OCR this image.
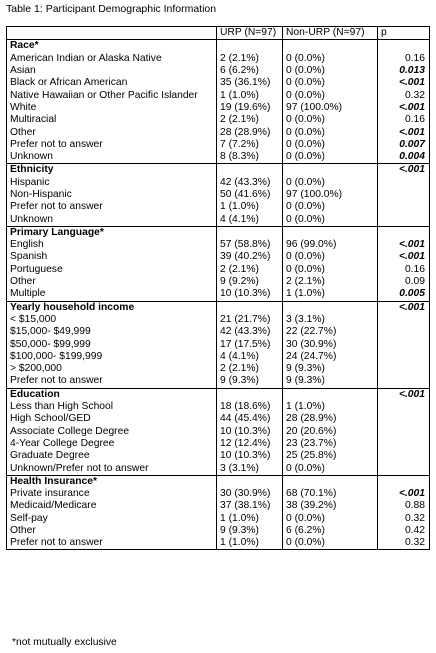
Table 1: Participant Demographic Information
	URP (N=97)	Non-URP (N=97)	p
Race*			
American Indian or Alaska Native	2 (2.1%)	0 (0.0%)	0.16
Asian	6 (6.2%)	0 (0.0%)	0.013
Black or African American	35 (36.1%)	0 (0.0%)	<.001
Native Hawaiian or Other Pacific Islander	1 (1.0%)	0 (0.0%)	0.32
White	19 (19.6%)	97 (100.0%)	<.001
Multiracial	2 (2.1%)	0 (0.0%)	0.16
Other	28 (28.9%)	0 (0.0%)	<.001
Prefer not to answer	7 (7.2%)	0 (0.0%)	0.007
Unknown	8 (8.3%)	0 (0.0%)	0.004
Ethnicity			<.001
Hispanic	42 (43.3%)	0 (0.0%)	
Non-Hispanic	50 (41.6%)	97 (100.0%)	
Prefer not to answer	1 (1.0%)	0 (0.0%)	
Unknown	4 (4.1%)	0 (0.0%)	
Primary Language*			
English	57 (58.8%)	96 (99.0%)	<.001
Spanish	39 (40.2%)	0 (0.0%)	<.001
Portuguese	2 (2.1%)	0 (0.0%)	0.16
Other	9 (9.2%)	2 (2.1%)	0.09
Multiple	10 (10.3%)	1 (1.0%)	0.005
Yearly household income			<.001
< $15,000	21 (21.7%)	3 (3.1%)	
$15,000- $49,999	42 (43.3%)	22 (22.7%)	
$50,000- $99,999	17 (17.5%)	30 (30.9%)	
$100,000- $199,999	4 (4.1%)	24 (24.7%)	
> $200,000	2 (2.1%)	9 (9.3%)	
Prefer not to answer	9 (9.3%)	9 (9.3%)	
Education			<.001
Less than High School	18 (18.6%)	1 (1.0%)	
High School/GED	44 (45.4%)	28 (28.9%)	
Associate College Degree	10 (10.3%)	20 (20.6%)	
4-Year College Degree	12 (12.4%)	23 (23.7%)	
Graduate Degree	10 (10.3%)	25 (25.8%)	
Unknown/Prefer not to answer	3 (3.1%)	0 (0.0%)	
Health Insurance*			
Private insurance	30 (30.9%)	68 (70.1%)	<.001
Medicaid/Medicare	37 (38.1%)	38 (39.2%)	0.88
Self-pay	1 (1.0%)	0 (0.0%)	0.32
Other	9 (9.3%)	6 (6.2%)	0.42
Prefer not to answer	1 (1.0%)	0 (0.0%)	0.32
*not mutually exclusive
